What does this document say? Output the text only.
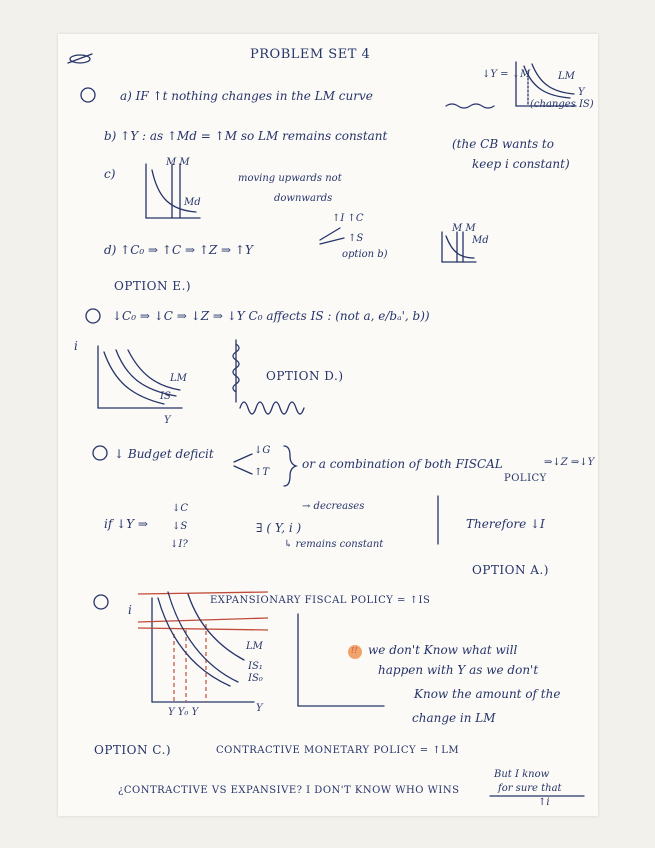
PROBLEM SET 4
a) IF ↑t nothing changes in the LM curve
(changes IS)
↓Y = ↓M	LM
Y
b) ↑Y : as ↑Md = ↑M so LM remains constant
(the CB wants to
keep i constant)
c)
M M
Md
moving upwards not
downwards
d) ↑C₀ ⇒ ↑C ⇒ ↑Z ⇒ ↑Y
↑I ↑C
↑S
option b)
M M
Md
OPTION E.)
↓C₀ ⇒ ↓C ⇒ ↓Z ⇒ ↓Y C₀ affects IS : (not a, e/bₐ', b))
i
LM
IS
Y
OPTION D.)
↓ Budget deficit	↓G
↑T
or a combination of both FISCAL	⇒↓Z ⇒↓Y
POLICY
if ↓Y ⇒
↓C
↓S
↓I?
∃ ( Y, i )
→ decreases
↳ remains constant
Therefore ↓I
OPTION A.)
i
EXPANSIONARY FISCAL POLICY = ↑IS
LM
IS₁
IS₀
Y Y₀ Y	Y
!! we don't Know what will
happen with Y as we don't
Know the amount of the
change in LM
OPTION C.)	CONTRACTIVE MONETARY POLICY = ↑LM
¿CONTRACTIVE VS EXPANSIVE? I DON'T KNOW WHO WINS
But I know
for sure that
↑i
